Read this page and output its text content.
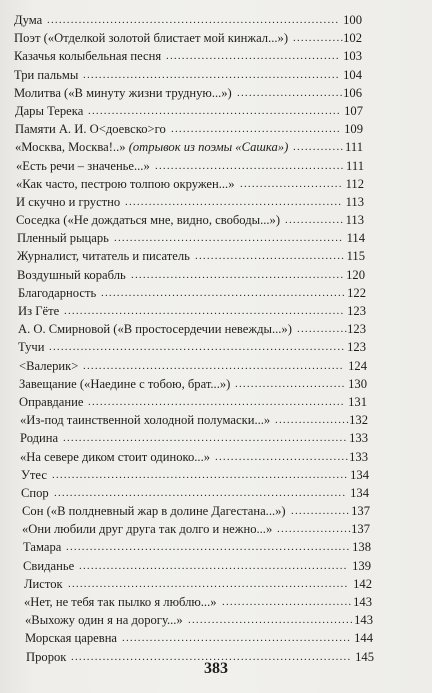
Дума .......................................................................... 100
Поэт («Отделкой золотой блистает мой кинжал...») .............
102
Казачья колыбельная песня ............................................ 103
Три пальмы ................................................................. 104
Молитва («В минуту жизни трудную...») ........................... 106
Дары Терека ................................................................ 107
Памяти А. И. О<доевско>го ........................................... 109
«Москва, Москва!..» (отрывок из поэмы «Сашка») ............. 111
«Есть речи – значенье...» ................................................ 111
«Как часто, пестрою толпою окружен...» .......................... 112
И скучно и грустно ....................................................... 113
Соседка («Не дождаться мне, видно, свободы...») ............... 113
Пленный рыцарь .......................................................... 114
Журналист, читатель и писатель ...................................... 115
Воздушный корабль ...................................................... 120
Благодарность .............................................................. 122
Из Гёте ....................................................................... 123
А. О. Смирновой («В простосердечии невежды...») .............
123
Тучи ........................................................................... 123
<Валерик> .................................................................. 124
Завещание («Наедине с тобою, брат...») ............................ 130
Оправдание ................................................................. 131
«Из-под таинственной холодной полумаски...» ................... 132
Родина ........................................................................ 133
«На севере диком стоит одиноко...» .................................. 133
Утес ........................................................................... 134
Спор .......................................................................... 134
Сон («В полдневный жар в долине Дагестана...») ............... 137
«Они любили друг друга так долго и нежно...» ................... 137
Тамара ........................................................................ 138
Свиданье .................................................................... 139
Листок ....................................................................... 142
«Нет, не тебя так пылко я люблю...» ................................. 143
«Выхожу один я на дорогу...» .......................................... 143
Морская царевна .......................................................... 144
Пророк ....................................................................... 145
383
